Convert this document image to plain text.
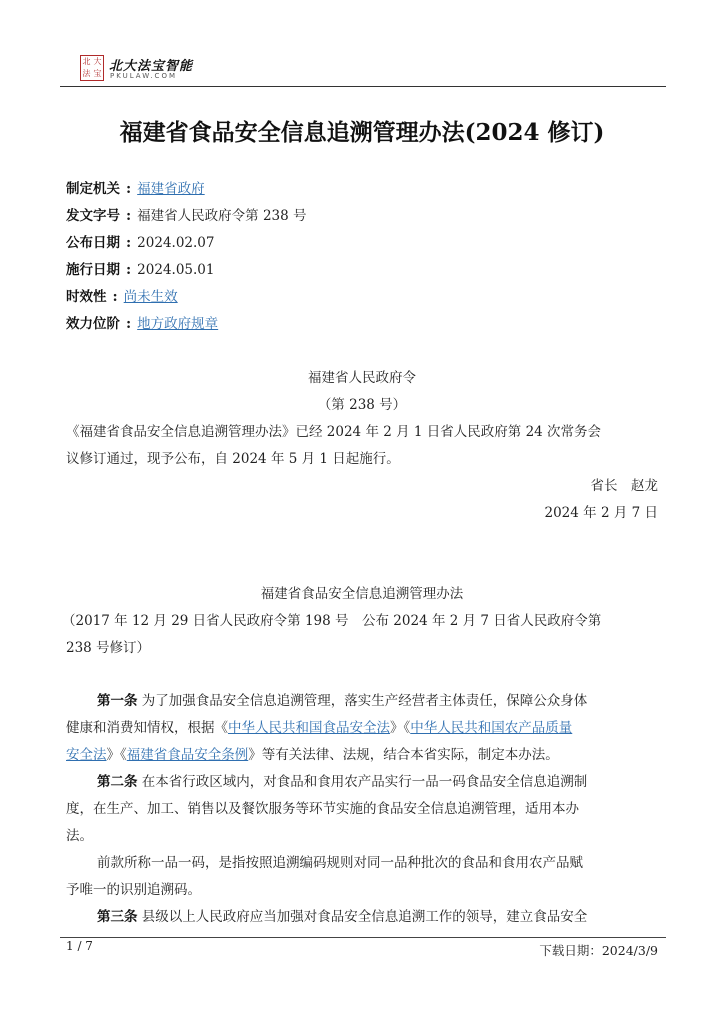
北 大
法 宝 北大法宝智能
PKULAW.COM
福建省食品安全信息追溯管理办法(2024 修订)
制定机关 : 福建省政府
发文字号 : 福建省人民政府令第 238 号
公布日期 : 2024.02.07
施行日期 : 2024.05.01
时效性 : 尚未生效
效力位阶 : 地方政府规章
福建省人民政府令
（第 238 号）
《福建省食品安全信息追溯管理办法》已经 2024 年 2 月 1 日省人民政府第 24 次常务会
议修订通过，现予公布，自 2024 年 5 月 1 日起施行。
省长　赵龙
2024 年 2 月 7 日
福建省食品安全信息追溯管理办法
（2017 年 12 月 29 日省人民政府令第 198 号　公布 2024 年 2 月 7 日省人民政府令第
238 号修订）
第一条 为了加强食品安全信息追溯管理，落实生产经营者主体责任，保障公众身体
健康和消费知情权，根据《中华人民共和国食品安全法》《中华人民共和国农产品质量
安全法》《福建省食品安全条例》等有关法律、法规，结合本省实际，制定本办法。
第二条 在本省行政区域内，对食品和食用农产品实行一品一码食品安全信息追溯制
度，在生产、加工、销售以及餐饮服务等环节实施的食品安全信息追溯管理，适用本办
法。
前款所称一品一码，是指按照追溯编码规则对同一品种批次的食品和食用农产品赋
予唯一的识别追溯码。
第三条 县级以上人民政府应当加强对食品安全信息追溯工作的领导，建立食品安全
1 / 7	下载日期：2024/3/9
